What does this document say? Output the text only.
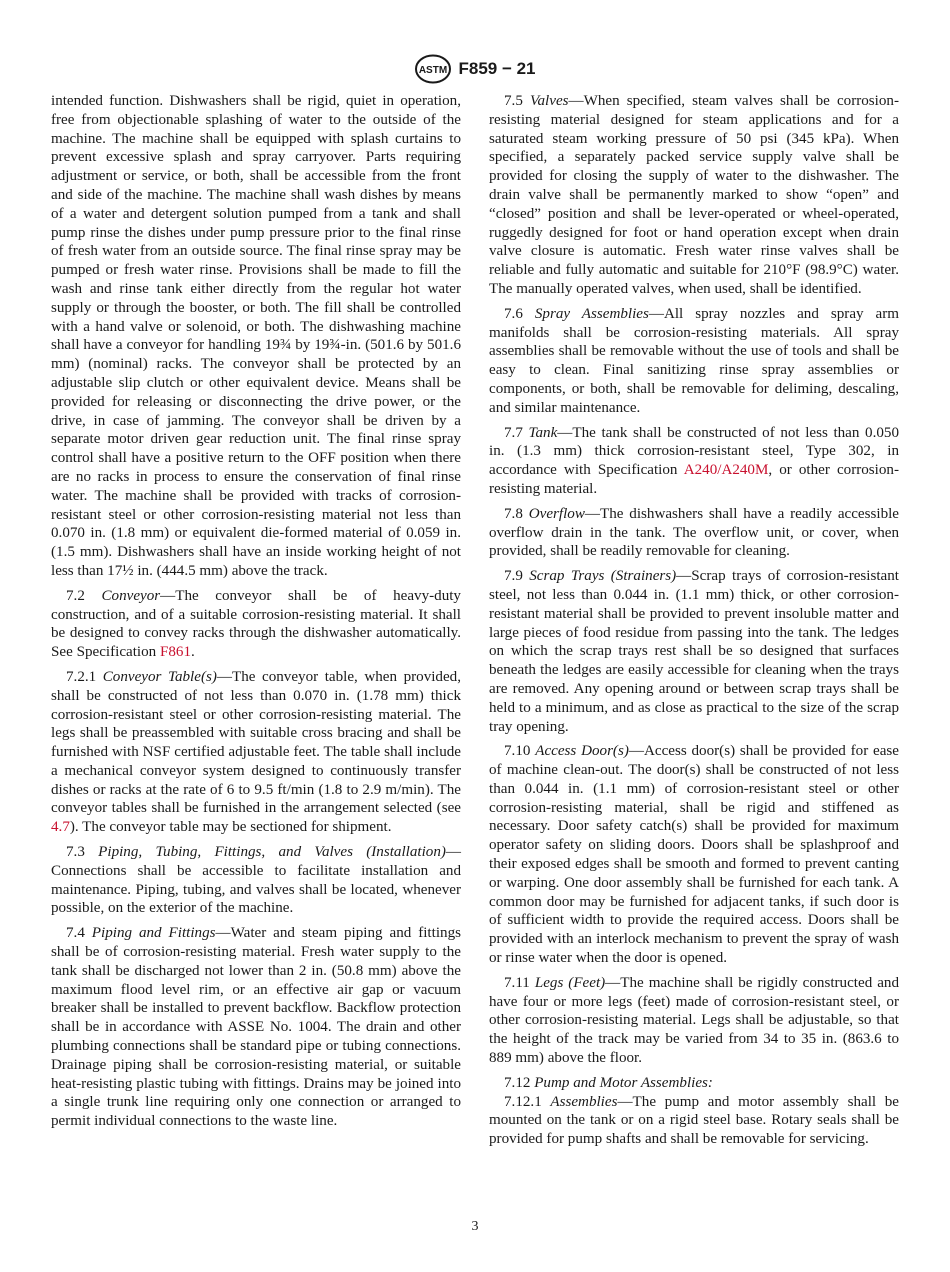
ASTM F859 − 21

intended function. Dishwashers shall be rigid, quiet in operation, free from objectionable splashing of water to the outside of the machine. The machine shall be equipped with splash curtains to prevent excessive splash and spray carryover. Parts requiring adjustment or service, or both, shall be accessible from the front and side of the machine. The machine shall wash dishes by means of a water and detergent solution pumped from a tank and shall pump rinse the dishes under pump pressure prior to the final rinse of fresh water from an outside source. The final rinse spray may be pumped or fresh water rinse. Provisions shall be made to fill the wash and rinse tank either directly from the regular hot water supply or through the booster, or both. The fill shall be controlled with a hand valve or solenoid, or both. The dishwashing machine shall have a conveyor for handling 19¾ by 19¾-in. (501.6 by 501.6 mm) (nominal) racks. The conveyor shall be protected by an adjustable slip clutch or other equivalent device. Means shall be provided for releasing or disconnecting the drive power, or the drive, in case of jamming. The conveyor shall be driven by a separate motor driven gear reduction unit. The final rinse spray control shall have a positive return to the OFF position when there are no racks in process to ensure the conservation of final rinse water. The machine shall be provided with tracks of corrosion-resistant steel or other corrosion-resisting material not less than 0.070 in. (1.8 mm) or equivalent die-formed material of 0.059 in. (1.5 mm). Dishwashers shall have an inside working height of not less than 17½ in. (444.5 mm) above the track.

7.2 Conveyor—The conveyor shall be of heavy-duty construction, and of a suitable corrosion-resisting material. It shall be designed to convey racks through the dishwasher automatically. See Specification F861.

7.2.1 Conveyor Table(s)—The conveyor table, when provided, shall be constructed of not less than 0.070 in. (1.78 mm) thick corrosion-resistant steel or other corrosion-resisting material. The legs shall be preassembled with suitable cross bracing and shall be furnished with NSF certified adjustable feet. The table shall include a mechanical conveyor system designed to continuously transfer dishes or racks at the rate of 6 to 9.5 ft/min (1.8 to 2.9 m/min). The conveyor tables shall be furnished in the arrangement selected (see 4.7). The conveyor table may be sectioned for shipment.

7.3 Piping, Tubing, Fittings, and Valves (Installation)—Connections shall be accessible to facilitate installation and maintenance. Piping, tubing, and valves shall be located, whenever possible, on the exterior of the machine.

7.4 Piping and Fittings—Water and steam piping and fittings shall be of corrosion-resisting material. Fresh water supply to the tank shall be discharged not lower than 2 in. (50.8 mm) above the maximum flood level rim, or an effective air gap or vacuum breaker shall be installed to prevent backflow. Backflow protection shall be in accordance with ASSE No. 1004. The drain and other plumbing connections shall be standard pipe or tubing connections. Drainage piping shall be corrosion-resisting material, or suitable heat-resisting plastic tubing with fittings. Drains may be joined into a single trunk line requiring only one connection or arranged to permit individual connections to the waste line.

7.5 Valves—When specified, steam valves shall be corrosion-resisting material designed for steam applications and for a saturated steam working pressure of 50 psi (345 kPa). When specified, a separately packed service supply valve shall be provided for closing the supply of water to the dishwasher. The drain valve shall be permanently marked to show “open” and “closed” position and shall be lever-operated or wheel-operated, ruggedly designed for foot or hand operation except when drain valve closure is automatic. Fresh water rinse valves shall be reliable and fully automatic and suitable for 210°F (98.9°C) water. The manually operated valves, when used, shall be identified.

7.6 Spray Assemblies—All spray nozzles and spray arm manifolds shall be corrosion-resisting materials. All spray assemblies shall be removable without the use of tools and shall be easy to clean. Final sanitizing rinse spray assemblies or components, or both, shall be removable for deliming, descaling, and similar maintenance.

7.7 Tank—The tank shall be constructed of not less than 0.050 in. (1.3 mm) thick corrosion-resistant steel, Type 302, in accordance with Specification A240/A240M, or other corrosion-resisting material.

7.8 Overflow—The dishwashers shall have a readily accessible overflow drain in the tank. The overflow unit, or cover, when provided, shall be readily removable for cleaning.

7.9 Scrap Trays (Strainers)—Scrap trays of corrosion-resistant steel, not less than 0.044 in. (1.1 mm) thick, or other corrosion-resistant material shall be provided to prevent insoluble matter and large pieces of food residue from passing into the tank. The ledges on which the scrap trays rest shall be so designed that surfaces beneath the ledges are easily accessible for cleaning when the trays are removed. Any opening around or between scrap trays shall be held to a minimum, and as close as practical to the size of the scrap tray opening.

7.10 Access Door(s)—Access door(s) shall be provided for ease of machine clean-out. The door(s) shall be constructed of not less than 0.044 in. (1.1 mm) of corrosion-resistant steel or other corrosion-resisting material, shall be rigid and stiffened as necessary. Door safety catch(s) shall be provided for maximum operator safety on sliding doors. Doors shall be splashproof and their exposed edges shall be smooth and formed to prevent canting or warping. One door assembly shall be furnished for each tank. A common door may be furnished for adjacent tanks, if such door is of sufficient width to provide the required access. Doors shall be provided with an interlock mechanism to prevent the spray of wash or rinse water when the door is opened.

7.11 Legs (Feet)—The machine shall be rigidly constructed and have four or more legs (feet) made of corrosion-resistant steel, or other corrosion-resisting material. Legs shall be adjustable, so that the height of the track may be varied from 34 to 35 in. (863.6 to 889 mm) above the floor.

7.12 Pump and Motor Assemblies:

7.12.1 Assemblies—The pump and motor assembly shall be mounted on the tank or on a rigid steel base. Rotary seals shall be provided for pump shafts and shall be removable for servicing.

3
